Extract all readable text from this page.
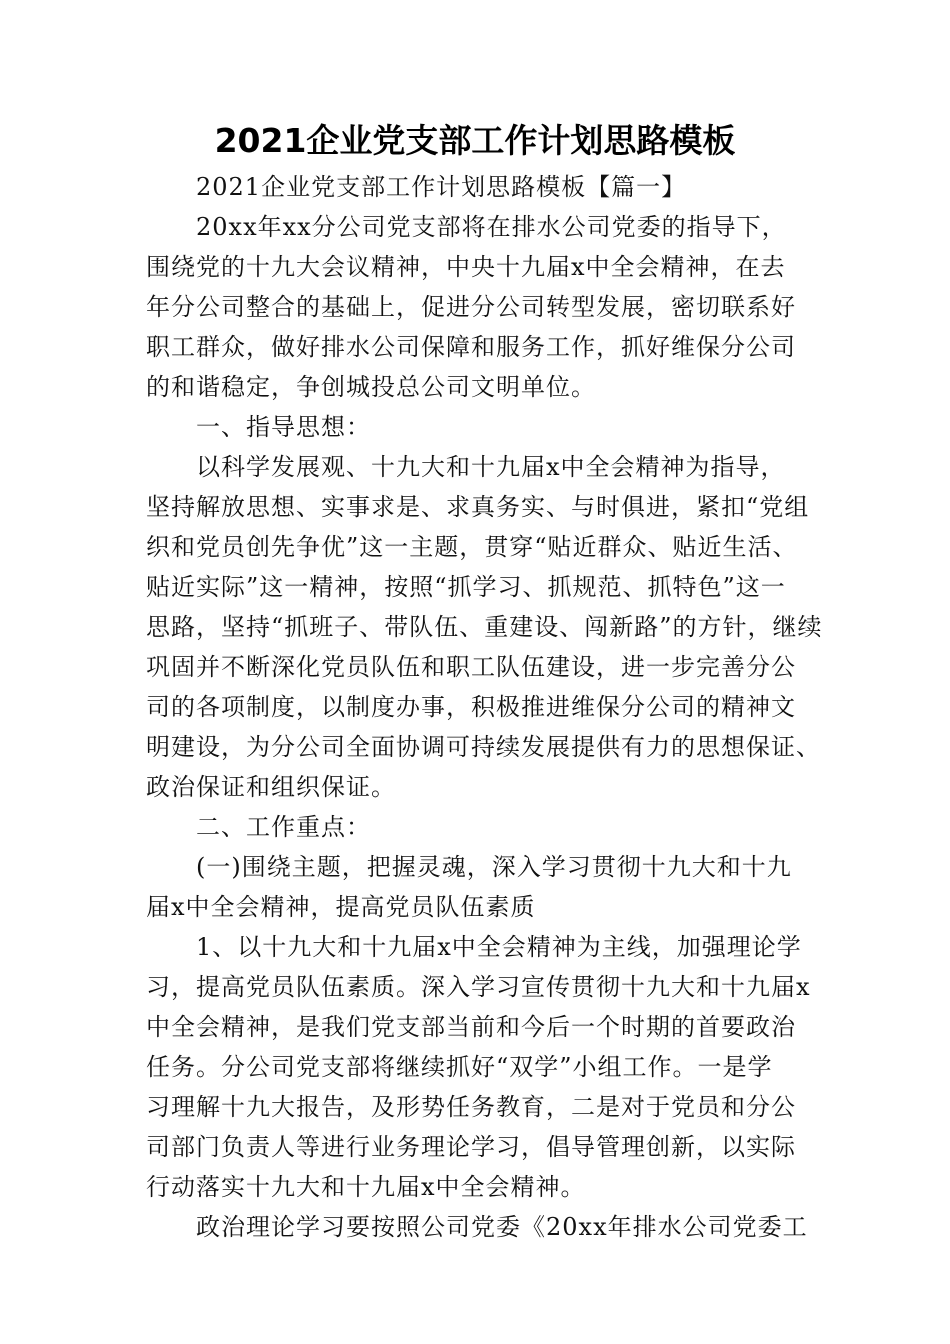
2021企业党支部工作计划思路模板
2021企业党支部工作计划思路模板【篇一】
20xx年xx分公司党支部将在排水公司党委的指导下，
围绕党的十九大会议精神，中央十九届x中全会精神，在去
年分公司整合的基础上，促进分公司转型发展，密切联系好
职工群众，做好排水公司保障和服务工作，抓好维保分公司
的和谐稳定，争创城投总公司文明单位。
一、指导思想：
以科学发展观、十九大和十九届x中全会精神为指导，
坚持解放思想、实事求是、求真务实、与时俱进，紧扣“党组
织和党员创先争优”这一主题，贯穿“贴近群众、贴近生活、
贴近实际”这一精神，按照“抓学习、抓规范、抓特色”这一
思路，坚持“抓班子、带队伍、重建设、闯新路”的方针，继续
巩固并不断深化党员队伍和职工队伍建设，进一步完善分公
司的各项制度，以制度办事，积极推进维保分公司的精神文
明建设，为分公司全面协调可持续发展提供有力的思想保证、
政治保证和组织保证。
二、工作重点：
(一)围绕主题，把握灵魂，深入学习贯彻十九大和十九
届x中全会精神，提高党员队伍素质
1、以十九大和十九届x中全会精神为主线，加强理论学
习，提高党员队伍素质。深入学习宣传贯彻十九大和十九届x
中全会精神，是我们党支部当前和今后一个时期的首要政治
任务。分公司党支部将继续抓好“双学”小组工作。一是学
习理解十九大报告，及形势任务教育，二是对于党员和分公
司部门负责人等进行业务理论学习，倡导管理创新，以实际
行动落实十九大和十九届x中全会精神。
政治理论学习要按照公司党委《20xx年排水公司党委工
